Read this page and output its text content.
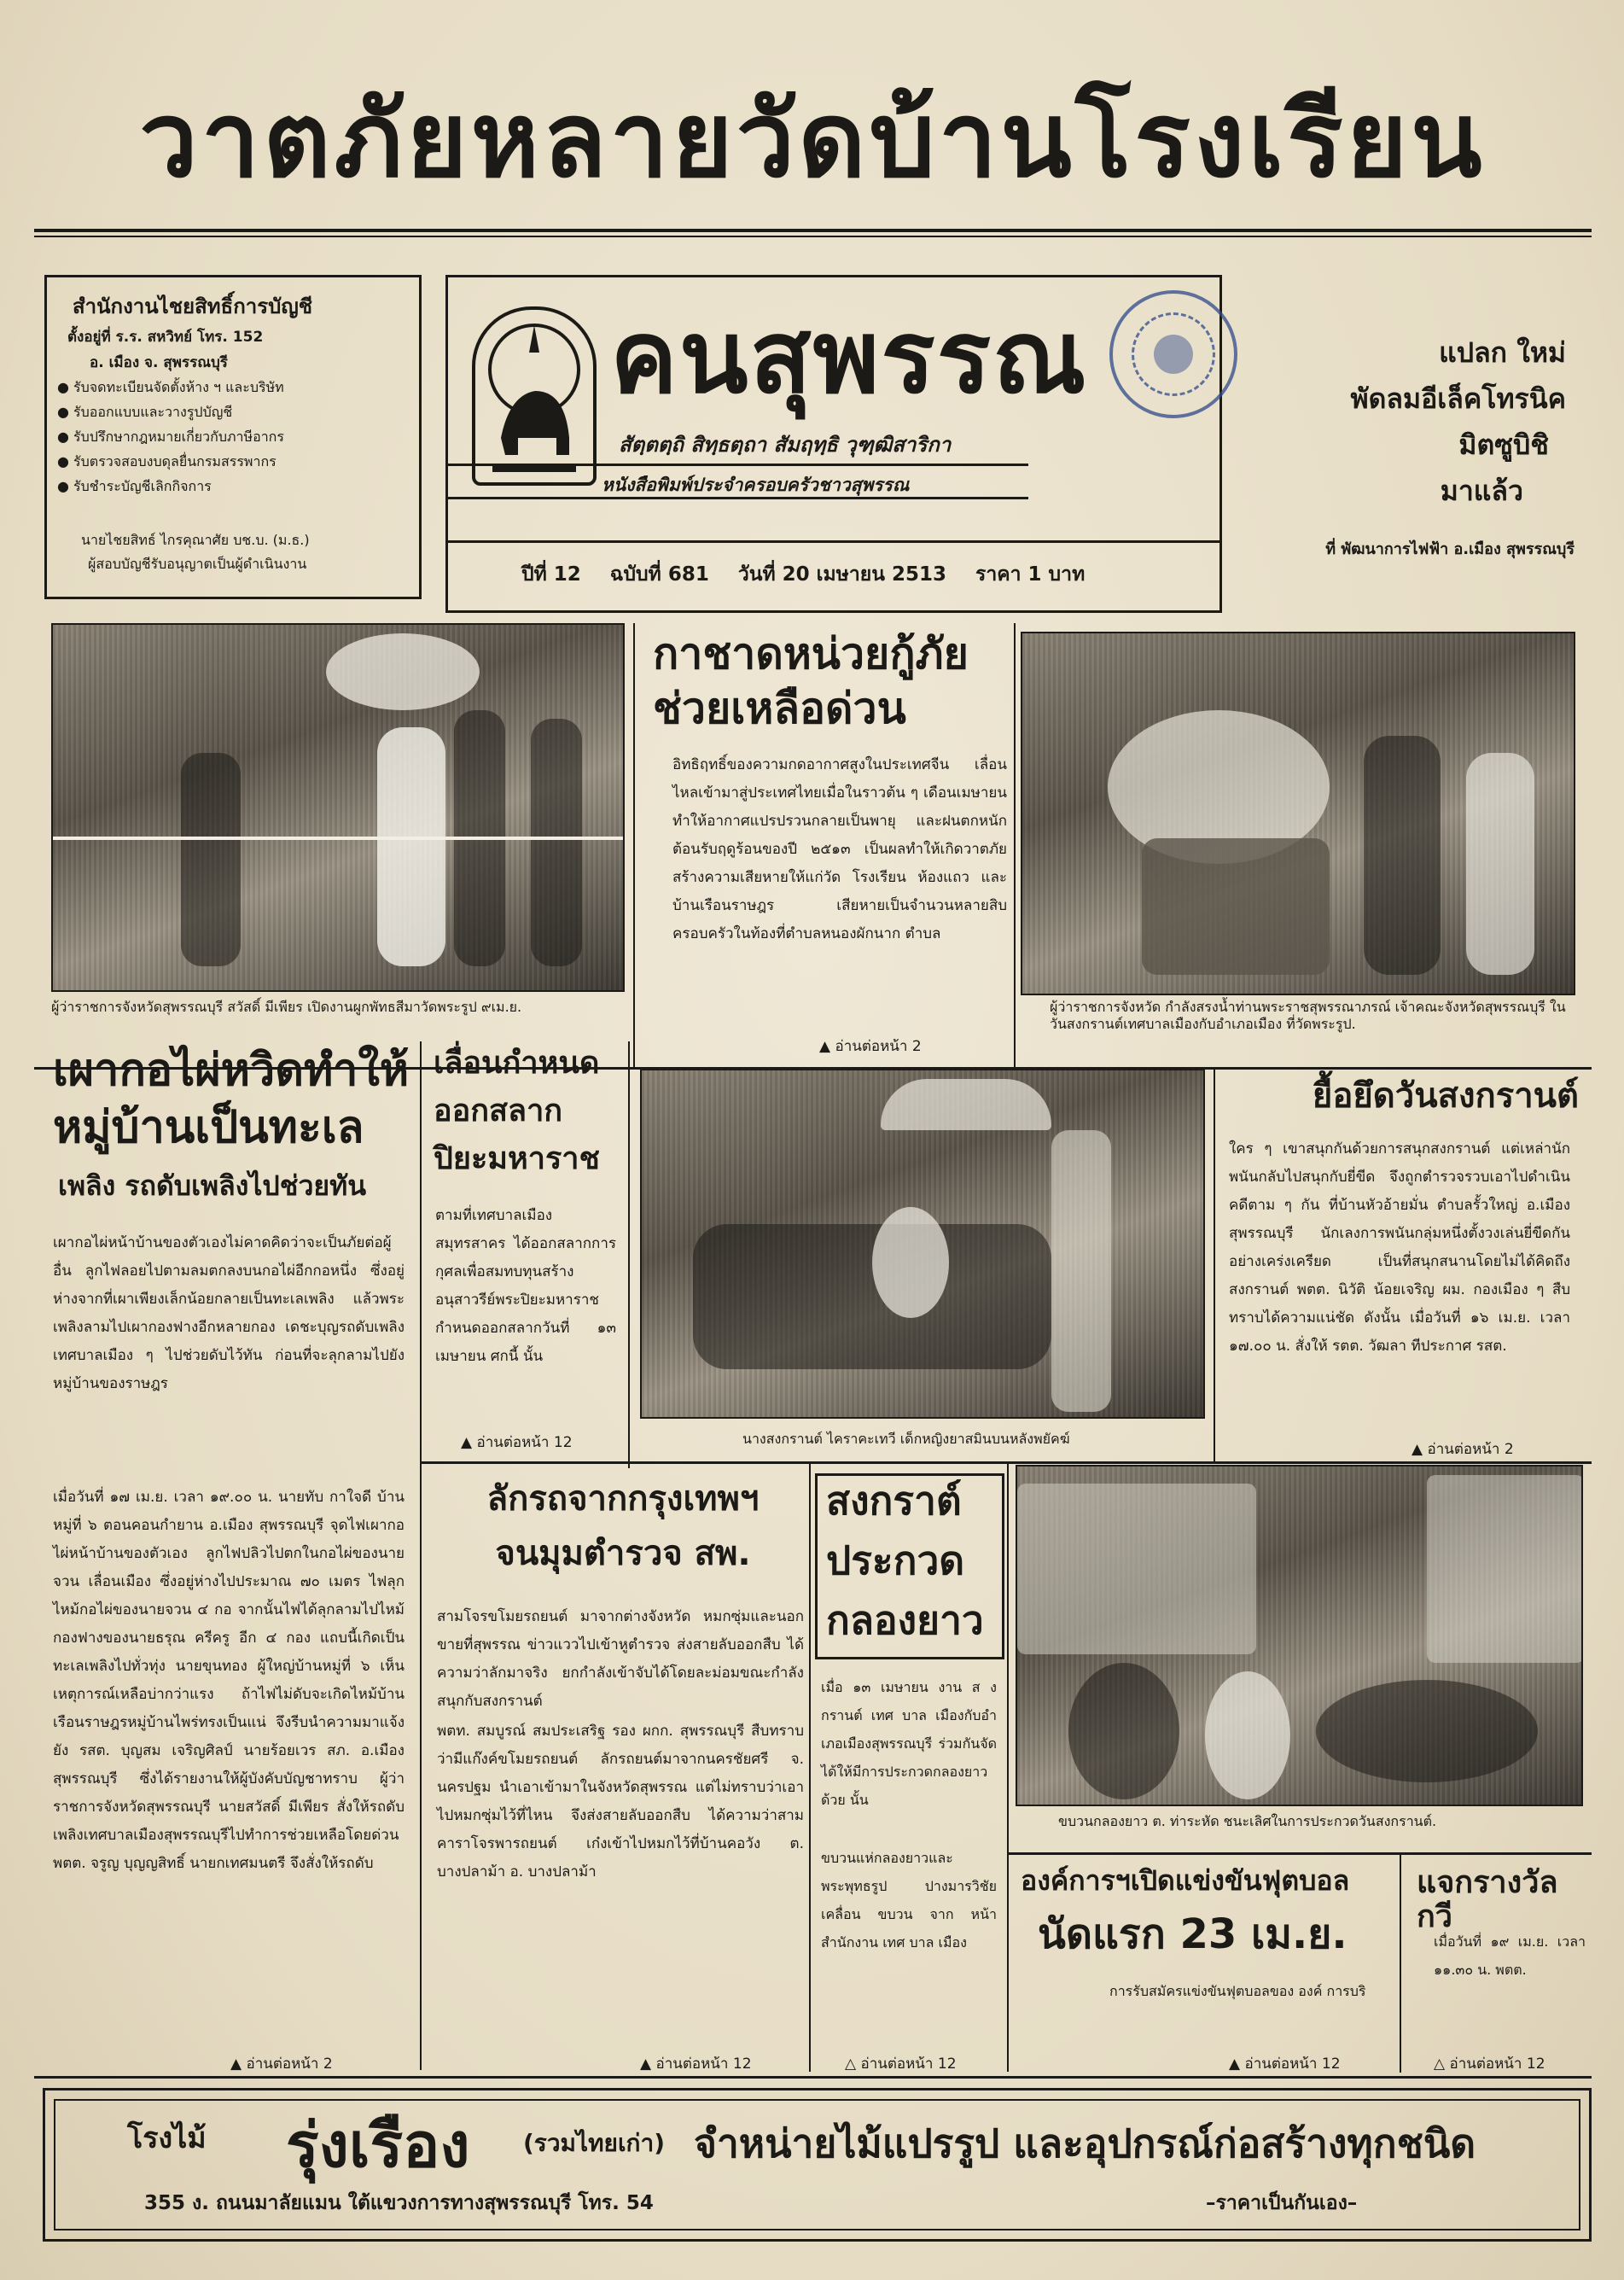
วาตภัยหลายวัดบ้านโรงเรียน
สำนักงานไชยสิทธิ์การบัญชี
ตั้งอยู่ที่ ร.ร. สหวิทย์ โทร. 152
อ. เมือง จ. สุพรรณบุรี
● รับจดทะเบียนจัดตั้งห้าง ฯ และบริษัท
● รับออกแบบและวางรูปบัญชี
● รับปรึกษากฎหมายเกี่ยวกับภาษีอากร
● รับตรวจสอบงบดุลยื่นกรมสรรพากร
● รับชำระบัญชีเลิกกิจการ
นายไชยสิทธ์ ไกรคุณาศัย บช.บ. (ม.ธ.)
ผู้สอบบัญชีรับอนุญาตเป็นผู้ดำเนินงาน
คนสุพรรณ
สัตฺตตฺถิ สิทฺธตฺถา สัมฤทฺธิ วุฑฺฒิสาริกา
หนังสือพิมพ์ประจำครอบครัวชาวสุพรรณ
ปีที่ 12 ฉบับที่ 681 วันที่ 20 เมษายน 2513 ราคา 1 บาท
แปลก ใหม่
พัดลมอีเล็คโทรนิค
มิตซูบิชิ
มาแล้ว
ที่ พัฒนาการไฟฟ้า อ.เมือง สุพรรณบุรี
ผู้ว่าราชการจังหวัดสุพรรณบุรี สวัสดิ์ มีเพียร เปิดงานผูกพัทธสีมาวัดพระรูป ๙เม.ย.
กาชาดหน่วยกู้ภัย
ช่วยเหลือด่วน
อิทธิฤทธิ์ของความกดอากาศสูงในประเทศจีน เลื่อนไหลเข้ามาสู่ประเทศไทยเมื่อในราวต้น ๆ เดือนเมษายน ทำให้อากาศแปรปรวนกลายเป็นพายุ และฝนตกหนักต้อนรับฤดูร้อนของปี ๒๕๑๓ เป็นผลทำให้เกิดวาตภัยสร้างความเสียหายให้แก่วัด โรงเรียน ห้องแถว และบ้านเรือนราษฎร เสียหายเป็นจำนวนหลายสิบครอบครัวในท้องที่ตำบลหนองผักนาก ตำบล
▲ อ่านต่อหน้า 2
ผู้ว่าราชการจังหวัด กำลังสรงน้ำท่านพระราชสุพรรณาภรณ์ เจ้าคณะจังหวัดสุพรรณบุรี ในวันสงกรานต์เทศบาลเมืองกับอำเภอเมือง ที่วัดพระรูป.
เผากอไผ่หวิดทำให้
หมู่บ้านเป็นทะเล
เพลิง รถดับเพลิงไปช่วยทัน
เผากอไผ่หน้าบ้านของตัวเองไม่คาดคิดว่าจะเป็นภัยต่อผู้อื่น ลูกไฟลอยไปตามลมตกลงบนกอไผ่อีกกอหนึ่ง ซึ่งอยู่ห่างจากที่เผาเพียงเล็กน้อยกลายเป็นทะเลเพลิง แล้วพระเพลิงลามไปเผากองฟางอีกหลายกอง เดชะบุญรถดับเพลิงเทศบาลเมือง ๆ ไปช่วยดับไว้ทัน ก่อนที่จะลุกลามไปยังหมู่บ้านของราษฎร
เมื่อวันที่ ๑๗ เม.ย. เวลา ๑๙.๐๐ น. นายทับ กาใจดี บ้านหมู่ที่ ๖ ตอนคอนกำยาน อ.เมือง สุพรรณบุรี จุดไฟเผากอไผ่หน้าบ้านของตัวเอง ลูกไฟปลิวไปตกในกอไผ่ของนายจวน เลื่อนเมือง ซึ่งอยู่ห่างไปประมาณ ๗๐ เมตร ไฟลุกไหม้กอไผ่ของนายจวน ๔ กอ จากนั้นไฟได้ลุกลามไปไหม้กองฟางของนายธรุณ ครีครู อีก ๔ กอง แถบนี้เกิดเป็นทะเลเพลิงไปทั่วทุ่ง นายขุนทอง ผู้ใหญ่บ้านหมู่ที่ ๖ เห็นเหตุการณ์เหลือบ่ากว่าแรง ถ้าไฟไม่ดับจะเกิดไหม้บ้านเรือนราษฎรหมู่บ้านไพร่ทรงเป็นแน่ จึงรีบนำความมาแจ้งยัง รสต. บุญสม เจริญศิลป์ นายร้อยเวร สภ. อ.เมือง สุพรรณบุรี ซึ่งได้รายงานให้ผู้บังคับบัญชาทราบ ผู้ว่าราชการจังหวัดสุพรรณบุรี นายสวัสดิ์ มีเพียร สั่งให้รถดับเพลิงเทศบาลเมืองสุพรรณบุรีไปทำการช่วยเหลือโดยด่วน พตต. จรูญ บุญญสิทธิ์ นายกเทศมนตรี จึงสั่งให้รถดับ
▲ อ่านต่อหน้า 2
เลื่อนกำหนด
ออกสลาก
ปิยะมหาราช
ตามที่เทศบาลเมืองสมุทรสาคร ได้ออกสลากการกุศลเพื่อสมทบทุนสร้างอนุสาวรีย์พระปิยะมหาราช กำหนดออกสลากวันที่ ๑๓ เมษายน ศกนี้ นั้น
▲ อ่านต่อหน้า 12	นางสงกรานต์ ไคราคะเทวี เด็กหญิงยาสมินบนหลังพยัคฆ์
ยื้อยึดวันสงกรานต์
ใคร ๆ เขาสนุกกันด้วยการสนุกสงกรานต์ แต่เหล่านักพนันกลับไปสนุกกับยี่ขีด จึงถูกตำรวจรวบเอาไปดำเนินคดีตาม ๆ กัน ที่บ้านหัวอ้ายมั่น ตำบลรั้วใหญ่ อ.เมือง สุพรรณบุรี นักเลงการพนันกลุ่มหนึ่งตั้งวงเล่นยี่ขีดกันอย่างเคร่งเครียด เป็นที่สนุกสนานโดยไม่ได้คิดถึงสงกรานต์ พตต. นิวัติ น้อยเจริญ ผม. กองเมือง ๆ สืบทราบได้ความแน่ชัด ดังนั้น เมื่อวันที่ ๑๖ เม.ย. เวลา ๑๗.๐๐ น. สั่งให้ รตต. วัฒลา ทีประกาศ รสต.
▲ อ่านต่อหน้า 2
ลักรถจากกรุงเทพฯ
จนมุมตำรวจ สพ.
สามโจรขโมยรถยนต์ มาจากต่างจังหวัด หมกซุ่มและนอกขายที่สุพรรณ ข่าวแววไปเข้าหูตำรวจ ส่งสายลับออกสืบ ได้ความว่าลักมาจริง ยกกำลังเข้าจับได้โดยละม่อมขณะกำลังสนุกกับสงกรานต์
พตท. สมบูรณ์ สมประเสริฐ รอง ผกก. สุพรรณบุรี สืบทราบว่ามีแก๊งค์ขโมยรถยนต์ ลักรถยนต์มาจากนครชัยศรี จ. นครปฐม นำเอาเข้ามาในจังหวัดสุพรรณ แต่ไม่ทราบว่าเอาไปหมกซุ่มไว้ที่ไหน จึงส่งสายลับออกสืบ ได้ความว่าสามคาราโจรพารถยนต์ เก๋งเข้าไปหมกไว้ที่บ้านคอวัง ต. บางปลาม้า อ. บางปลาม้า
▲ อ่านต่อหน้า 12
สงกราต์
ประกวด
กลองยาว
เมื่อ ๑๓ เมษายน งาน ส ง กรานต์ เทศ บาล เมืองกับอำ เภอเมืองสุพรรณบุรี ร่วมกันจัด ได้ให้มีการประกวดกลองยาวด้วย นั้น
ขบวนแห่กลองยาวและพระพุทธรูป ปางมารวิชัย เคลื่อน ขบวน จาก หน้าสำนักงาน เทศ บาล เมือง
△ อ่านต่อหน้า 12
ขบวนกลองยาว ต. ท่าระหัด ชนะเลิศในการประกวดวันสงกรานต์.
องค์การฯเปิดแข่งขันฟุตบอล
นัดแรก 23 เม.ย.
การรับสมัครแข่งขันฟุตบอลของ องค์ การบริ
▲ อ่านต่อหน้า 12
แจกรางวัลกวี
เมื่อวันที่ ๑๙ เม.ย. เวลา ๑๑.๓๐ น. พตต.
△ อ่านต่อหน้า 12
โรงไม้ รุ่งเรือง (รวมไทยเก่า) จำหน่ายไม้แปรรูป และอุปกรณ์ก่อสร้างทุกชนิด
355 ง. ถนนมาลัยแมน ใต้แขวงการทางสุพรรณบุรี โทร. 54	–ราคาเป็นกันเอง–
